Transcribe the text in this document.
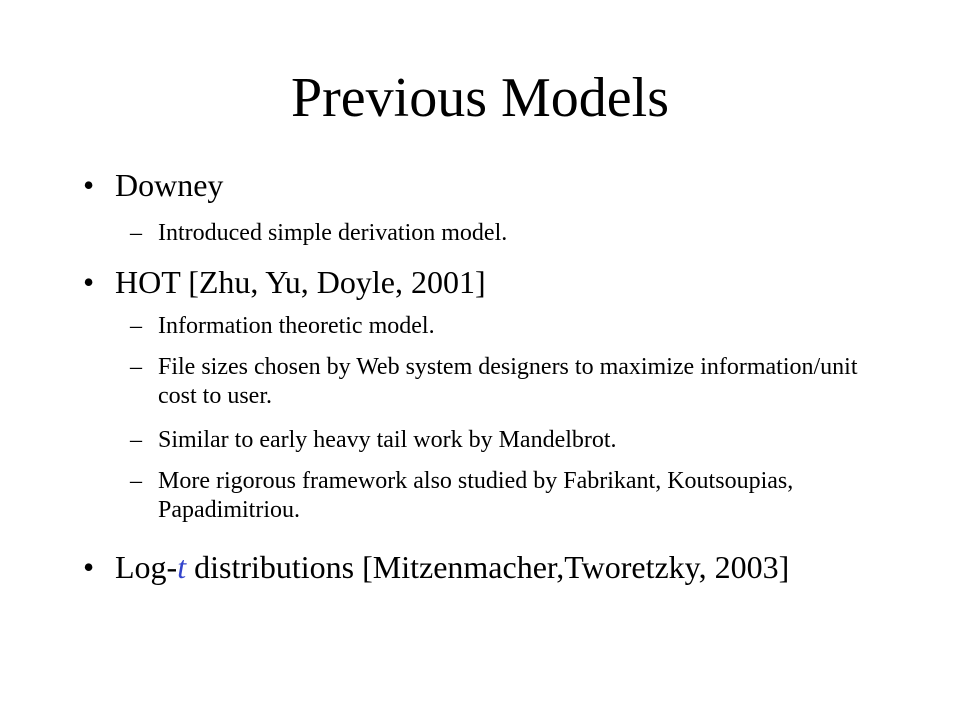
Previous Models
• Downey
– Introduced simple derivation model.
• HOT [Zhu, Yu, Doyle, 2001]
– Information theoretic model.
– File sizes chosen by Web system designers to maximize information/unit cost to user.
– Similar to early heavy tail work by Mandelbrot.
– More rigorous framework also studied by Fabrikant, Koutsoupias, Papadimitriou.
• Log-t distributions [Mitzenmacher,Tworetzky, 2003]
